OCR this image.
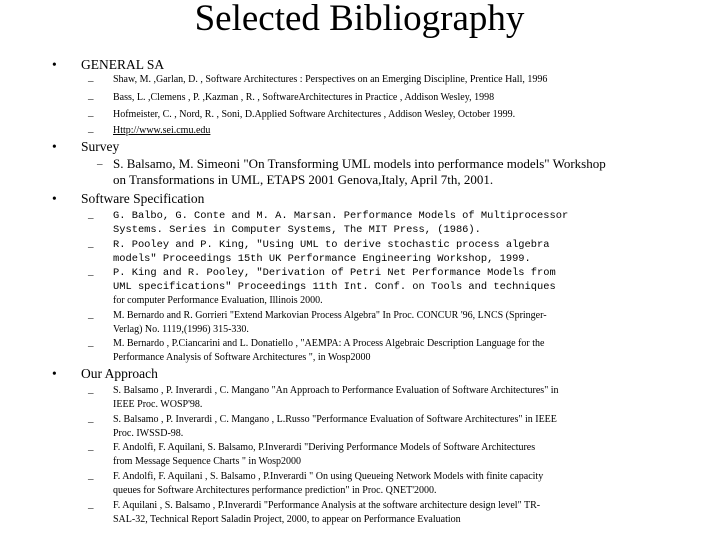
Selected Bibliography
• GENERAL SA
– Shaw, M. ,Garlan, D. , Software Architectures : Perspectives on an Emerging Discipline, Prentice Hall, 1996
– Bass, L. ,Clemens , P. ,Kazman , R. , SoftwareArchitectures in Practice , Addison Wesley, 1998
– Hofmeister, C. , Nord, R. , Soni, D.Applied Software Architectures , Addison Wesley, October 1999.
– Http://www.sei.cmu.edu
• Survey
– S. Balsamo, M. Simeoni "On Transforming UML models into performance models" Workshop
on Transformations in UML, ETAPS 2001 Genova,Italy, April 7th, 2001.
• Software Specification
– G. Balbo, G. Conte and M. A. Marsan. Performance Models of Multiprocessor
Systems. Series in Computer Systems, The MIT Press, (1986).
– R. Pooley and P. King, "Using UML to derive stochastic process algebra
models" Proceedings 15th UK Performance Engineering Workshop, 1999.
– P. King and R. Pooley, "Derivation of Petri Net Performance Models from
UML specifications" Proceedings 11th Int. Conf. on Tools and techniques
for computer Performance Evaluation, Illinois 2000.
– M. Bernardo and R. Gorrieri "Extend Markovian Process Algebra" In Proc. CONCUR '96, LNCS (Springer-
Verlag) No. 1119,(1996) 315-330.
– M. Bernardo , P.Ciancarini and L. Donatiello , "AEMPA: A Process Algebraic Description Language for the
Performance Analysis of Software Architectures ", in Wosp2000
• Our Approach
– S. Balsamo , P. Inverardi , C. Mangano "An Approach to Performance Evaluation of Software Architectures" in
IEEE Proc. WOSP'98.
– S. Balsamo , P. Inverardi , C. Mangano , L.Russo "Performance Evaluation of Software Architectures" in IEEE
Proc. IWSSD-98.
– F. Andolfi, F. Aquilani, S. Balsamo, P.Inverardi "Deriving Performance Models of Software Architectures
from Message Sequence Charts " in Wosp2000
– F. Andolfi, F. Aquilani , S. Balsamo , P.Inverardi " On using Queueing Network Models with finite capacity
queues for Software Architectures performance prediction" in Proc. QNET'2000.
– F. Aquilani , S. Balsamo , P.Inverardi "Performance Analysis at the software architecture design level" TR-
SAL-32, Technical Report Saladin Project, 2000, to appear on Performance Evaluation
